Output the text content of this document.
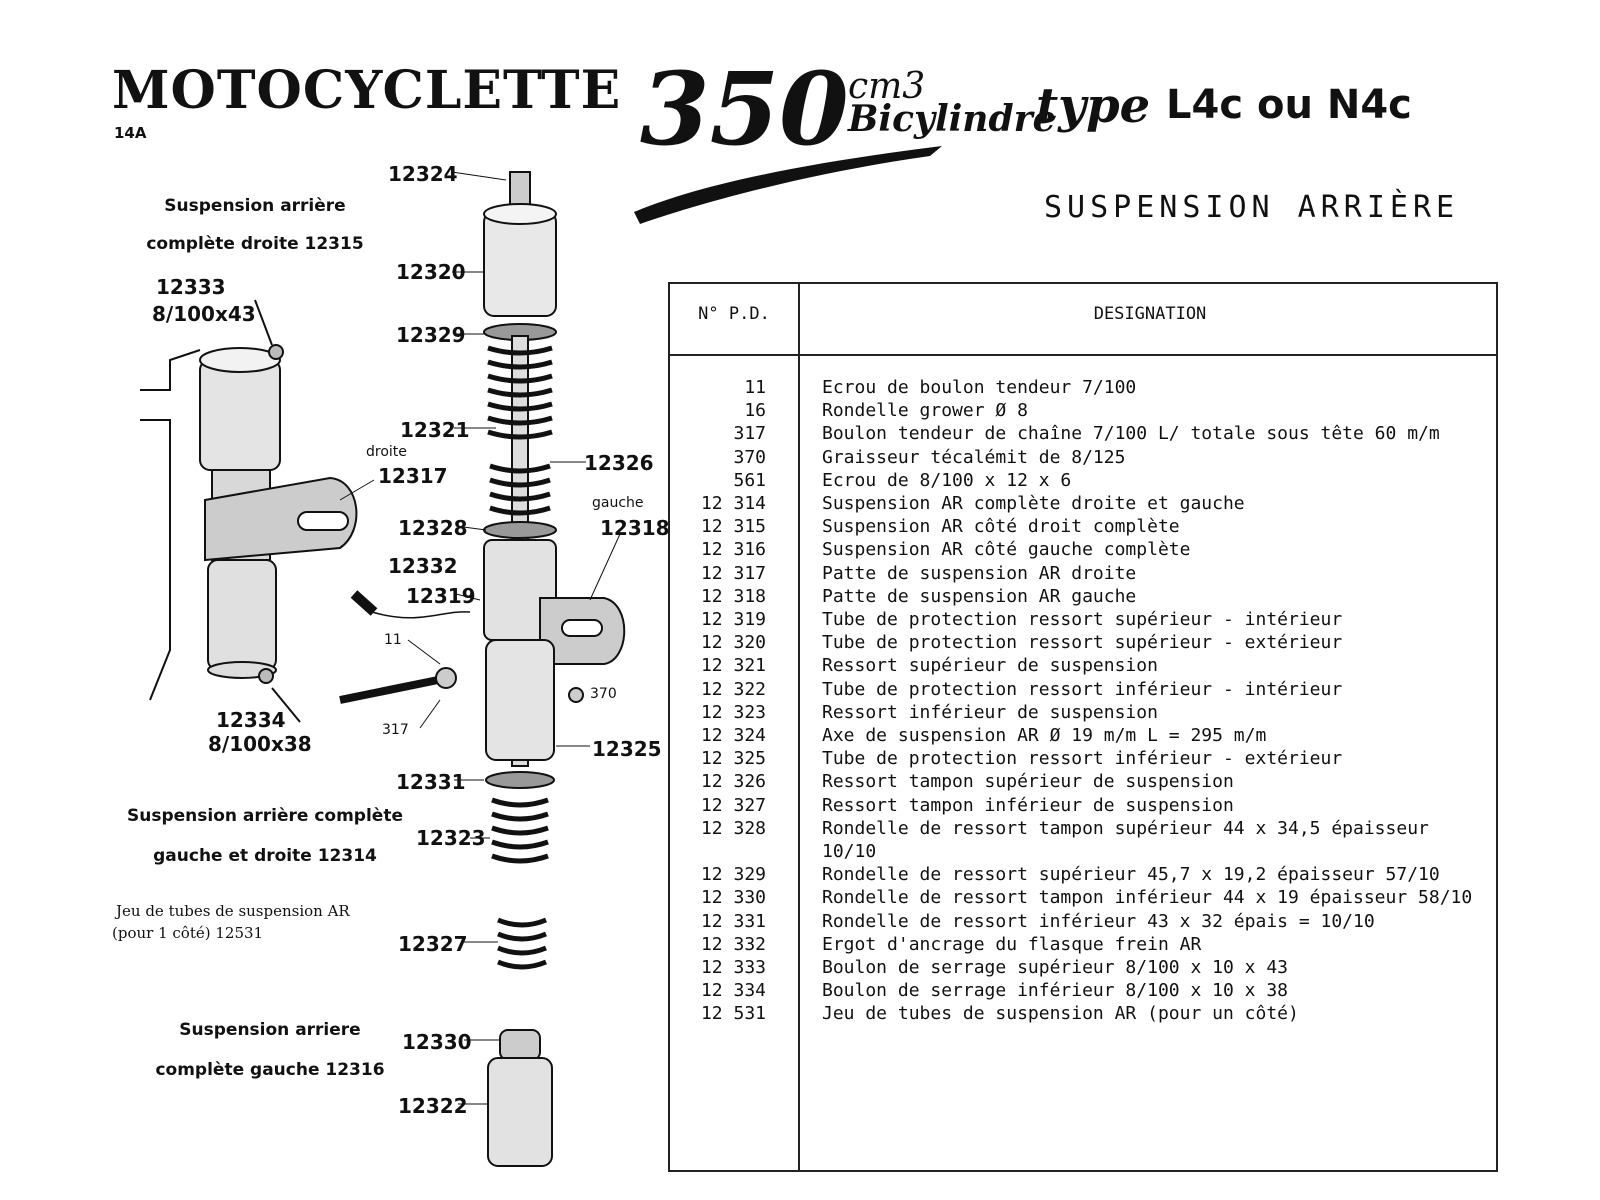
MOTOCYCLETTE 350 cm3
Bicylindre
type L4c ou N4c
14A
SUSPENSION ARRIÈRE
Suspension arrière
complète droite 12315
Suspension arrière complète
gauche et droite 12314
Jeu de tubes de suspension AR
(pour 1 côté) 12531
Suspension arriere
complète gauche 12316
12333
8/100x43
droite
12317
12334
8/100x38
12324
12320
12329
12321
12326
gauche
12318
12328
12332
12319
11
370
317
12325
12331
12323
12327
12330
12322
N° P.D.	DESIGNATION
11	Ecrou de boulon tendeur 7/100
16	Rondelle grower Ø 8
317	Boulon tendeur de chaîne 7/100 L/ totale sous tête 60 m/m
370	Graisseur técalémit de 8/125
561	Ecrou de 8/100 x 12 x 6
12 314	Suspension AR complète droite et gauche
12 315	Suspension AR côté droit complète
12 316	Suspension AR côté gauche complète
12 317	Patte de suspension AR droite
12 318	Patte de suspension AR gauche
12 319	Tube de protection ressort supérieur - intérieur
12 320	Tube de protection ressort supérieur - extérieur
12 321	Ressort supérieur de suspension
12 322	Tube de protection ressort inférieur - intérieur
12 323	Ressort inférieur de suspension
12 324	Axe de suspension AR Ø 19 m/m L = 295 m/m
12 325	Tube de protection ressort inférieur - extérieur
12 326	Ressort tampon supérieur de suspension
12 327	Ressort tampon inférieur de suspension
12 328	Rondelle de ressort tampon supérieur 44 x 34,5 épaisseur 10/10
12 329	Rondelle de ressort supérieur 45,7 x 19,2 épaisseur 57/10
12 330	Rondelle de ressort tampon inférieur 44 x 19 épaisseur 58/10
12 331	Rondelle de ressort inférieur 43 x 32 épais = 10/10
12 332	Ergot d'ancrage du flasque frein AR
12 333	Boulon de serrage supérieur 8/100 x 10 x 43
12 334	Boulon de serrage inférieur 8/100 x 10 x 38
12 531	Jeu de tubes de suspension AR (pour un côté)
